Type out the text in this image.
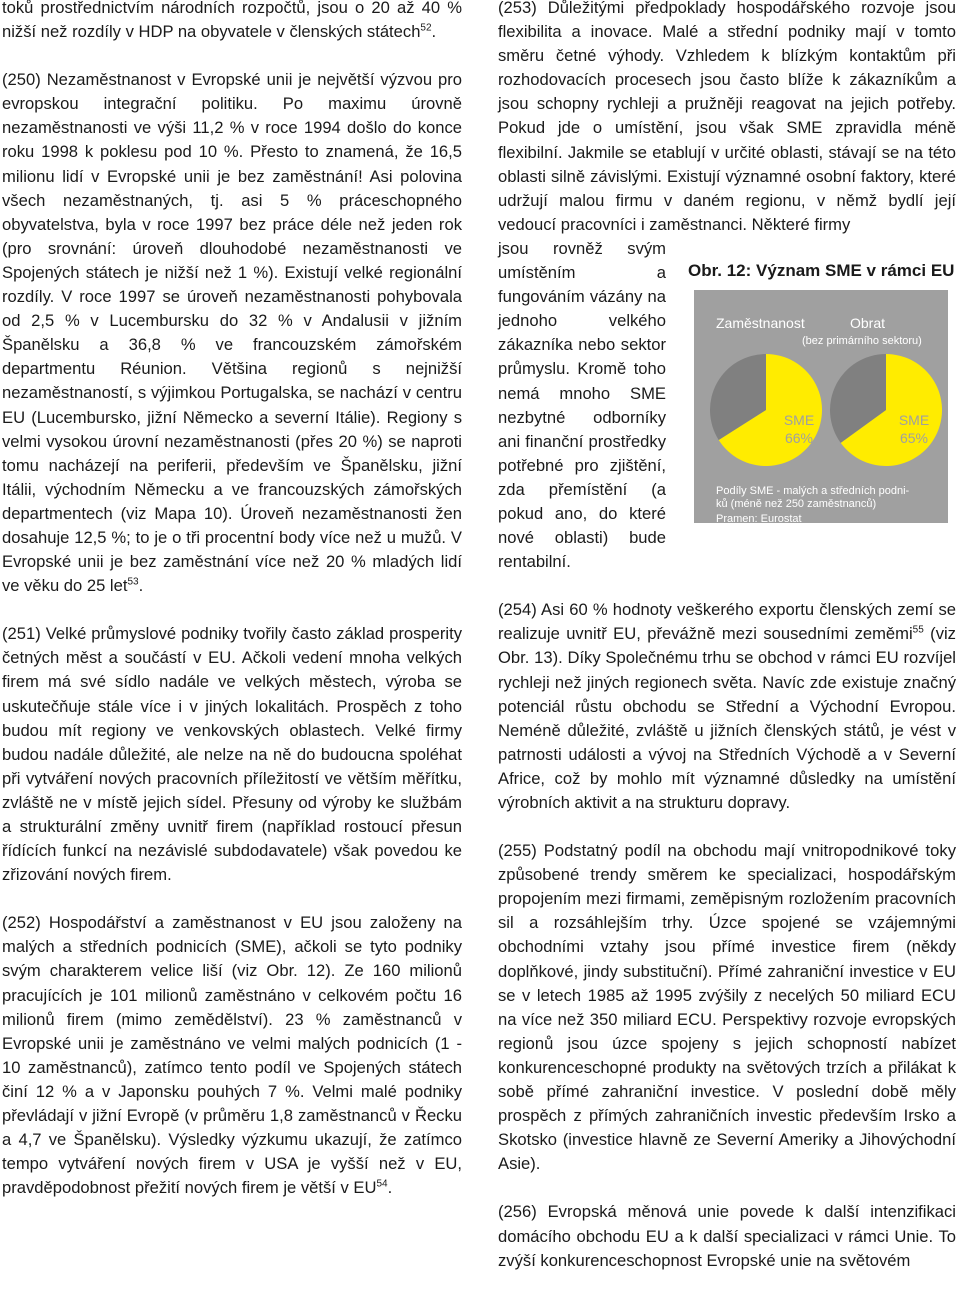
toků prostřednictvím národních rozpočtů, jsou o 20 až 40 % nižší než rozdíly v HDP na obyvatele v členských státech$^{52}$.

(250) Nezaměstnanost v Evropské unii je největší výzvou pro evropskou integrační politiku. Po maximu úrovně nezaměstnanosti ve výši 11,2 % v roce 1994 došlo do konce roku 1998 k poklesu pod 10 %. Přesto to znamená, že 16,5 milionu lidí v Evropské unii je bez zaměstnání! Asi polovina všech nezaměstnaných, tj. asi 5 % práceschopného obyvatelstva, byla v roce 1997 bez práce déle než jeden rok (pro srovnání: úroveň dlouhodobé nezaměstnanosti ve Spojených státech je nižší než 1 %). Existují velké regionální rozdíly. V roce 1997 se úroveň nezaměstnanosti pohybovala od 2,5 % v Lucembursku do 32 % v Andalusii v jižním Španělsku a 36,8 % ve francouzském zámořském departmentu Réunion. Většina regionů s nejnižší nezaměstnaností, s výjimkou Portugalska, se nachází v centru EU (Lucembursko, jižní Německo a severní Itálie). Regiony s velmi vysokou úrovní nezaměstnanosti (přes 20 %) se naproti tomu nacházejí na periferii, především ve Španělsku, jižní Itálii, východním Německu a ve francouzských zámořských departmentech (viz Mapa 10). Úroveň nezaměstnanosti žen dosahuje 12,5 %; to je o tři procentní body více než u mužů. V Evropské unii je bez zaměstnání více než 20 % mladých lidí ve věku do 25 let$^{53}$.

(251) Velké průmyslové podniky tvořily často základ prosperity četných měst a součástí v EU. Ačkoli vedení mnoha velkých firem má své sídlo nadále ve velkých městech, výroba se uskutečňuje stále více i v jiných lokalitách. Prospěch z toho budou mít regiony ve venkovských oblastech. Velké firmy budou nadále důležité, ale nelze na ně do budoucna spoléhat při vytváření nových pracovních příležitostí ve větším měřítku, zvláště ne v místě jejich sídel. Přesuny od výroby ke službám a strukturální změny uvnitř firem (například rostoucí přesun řídících funkcí na nezávislé subdodavatele) však povedou ke zřizování nových firem.

(252) Hospodářství a zaměstnanost v EU jsou založeny na malých a středních podnicích (SME), ačkoli se tyto podniky svým charakterem velice liší (viz Obr. 12). Ze 160 milionů pracujících je 101 milionů zaměstnáno v celkovém počtu 16 milionů firem (mimo zemědělství). 23 % zaměstnanců v Evropské unii je zaměstnáno ve velmi malých podnicích (1 - 10 zaměstnanců), zatímco tento podíl ve Spojených státech činí 12 % a v Japonsku pouhých 7 %. Velmi malé podniky převládají v jižní Evropě (v průměru 1,8 zaměstnanců v Řecku a 4,7 ve Španělsku). Výsledky výzkumu ukazují, že zatímco tempo vytváření nových firem v USA je vyšší než v EU, pravděpodobnost přežití nových firem je větší v EU$^{54}$.

(253) Důležitými předpoklady hospodářského rozvoje jsou flexibilita a inovace. Malé a střední podniky mají v tomto směru četné výhody. Vzhledem k blízkým kontaktům při rozhodovacích procesech jsou často blíže k zákazníkům a jsou schopny rychleji a pružněji reagovat na jejich potřeby. Pokud jde o umístění, jsou však SME zpravidla méně flexibilní. Jakmile se etablují v určité oblasti, stávají se na této oblasti silně závislými. Existují významné osobní faktory, které udržují malou firmu v daném regionu, v němž bydlí její vedoucí pracovníci i zaměstnanci. Některé firmy

jsou rovněž svým umístěním a fungováním vázány na jednoho velkého zákazníka nebo sektor průmyslu. Kromě toho nemá mnoho SME nezbytné odborníky ani finanční prostředky potřebné pro zjištění, zda přemístění (a pokud ano, do které nové oblasti) bude rentabilní.

(254) Asi 60 % hodnoty veškerého exportu členských zemí se realizuje uvnitř EU, převážně mezi sousedními zeměmi$^{55}$ (viz Obr. 13). Díky Společnému trhu se obchod v rámci EU rozvíjel rychleji než jiných regionech světa. Navíc zde existuje značný potenciál růstu obchodu se Střední a Východní Evropou. Neméně důležité, zvláště u jižních členských států, je vést v patrnosti události a vývoj na Středních Východě a v Severní Africe, což by mohlo mít významné důsledky na umístění výrobních aktivit a na strukturu dopravy.

(255) Podstatný podíl na obchodu mají vnitropodnikové toky způsobené trendy směrem ke specializaci, hospodářským propojením mezi firmami, zeměpisným rozložením pracovních sil a rozsáhlejším trhy. Úzce spojené se vzájemnými obchodními vztahy jsou přímé investice firem (někdy doplňkové, jindy substituční). Přímé zahraniční investice v EU se v letech 1985 až 1995 zvýšily z necelých 50 miliard ECU na více než 350 miliard ECU. Perspektivy rozvoje evropských regionů jsou úzce spojeny s jejich schopností nabízet konkurenceschopné produkty na světových trzích a přilákat k sobě přímé zahraniční investice. V poslední době měly prospěch z přímých zahraničních investic především Irsko a Skotsko (investice hlavně ze Severní Ameriky a Jihovýchodní Asie).

(256) Evropská měnová unie povede k další intenzifikaci domácího obchodu EU a k další specializaci v rámci Unie. To zvýší konkurenceschopnost Evropské unie na světovém

Obr. 12: Význam SME v rámci EU
Zaměstnanost	Obrat
(bez primárního sektoru)
SME
66%
SME
65%
Podíly SME - malých a středních podni-
ků (méně než 250 zaměstnanců)
Pramen: Eurostat
